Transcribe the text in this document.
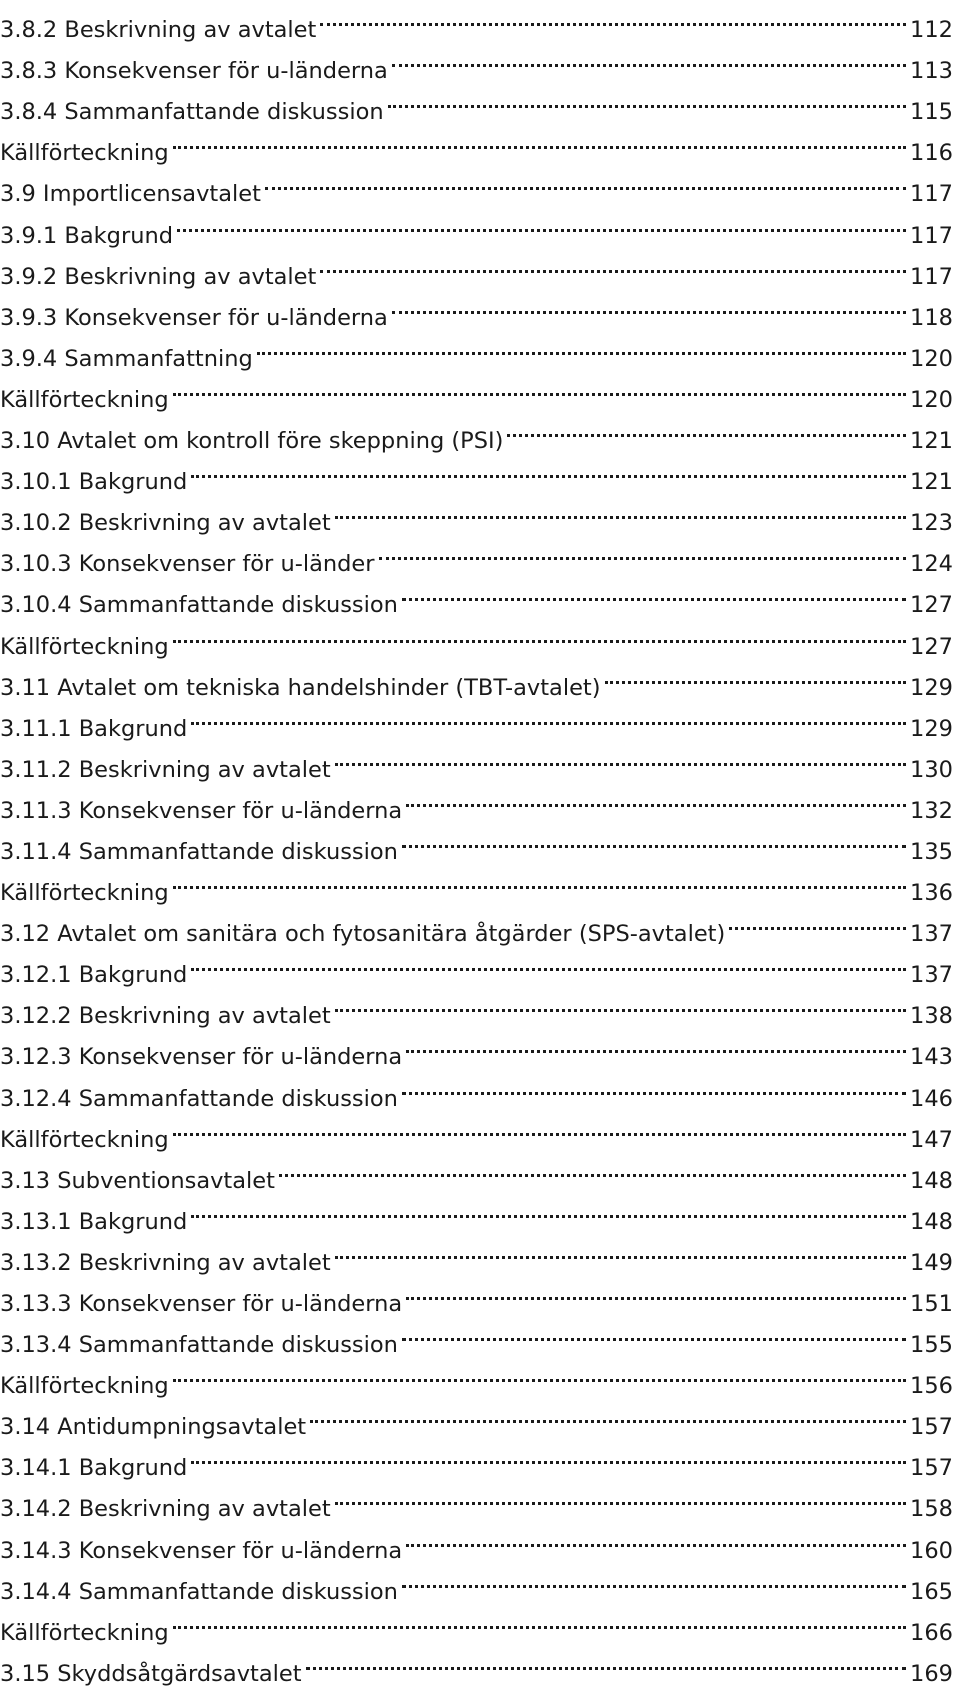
3.8.2 Beskrivning av avtalet	112
3.8.3 Konsekvenser för u-länderna	113
3.8.4 Sammanfattande diskussion	115
Källförteckning	116
3.9 Importlicensavtalet	117
3.9.1 Bakgrund	117
3.9.2 Beskrivning av avtalet	117
3.9.3 Konsekvenser för u-länderna	118
3.9.4 Sammanfattning	120
Källförteckning	120
3.10 Avtalet om kontroll före skeppning (PSI)	121
3.10.1 Bakgrund	121
3.10.2 Beskrivning av avtalet	123
3.10.3 Konsekvenser för u-länder	124
3.10.4 Sammanfattande diskussion	127
Källförteckning	127
3.11 Avtalet om tekniska handelshinder (TBT-avtalet)	129
3.11.1 Bakgrund	129
3.11.2 Beskrivning av avtalet	130
3.11.3 Konsekvenser för u-länderna	132
3.11.4 Sammanfattande diskussion	135
Källförteckning	136
3.12 Avtalet om sanitära och fytosanitära åtgärder (SPS-avtalet)	137
3.12.1 Bakgrund	137
3.12.2 Beskrivning av avtalet	138
3.12.3 Konsekvenser för u-länderna	143
3.12.4 Sammanfattande diskussion	146
Källförteckning	147
3.13 Subventionsavtalet	148
3.13.1 Bakgrund	148
3.13.2 Beskrivning av avtalet	149
3.13.3 Konsekvenser för u-länderna	151
3.13.4 Sammanfattande diskussion	155
Källförteckning	156
3.14 Antidumpningsavtalet	157
3.14.1 Bakgrund	157
3.14.2 Beskrivning av avtalet	158
3.14.3 Konsekvenser för u-länderna	160
3.14.4 Sammanfattande diskussion	165
Källförteckning	166
3.15 Skyddsåtgärdsavtalet	169
